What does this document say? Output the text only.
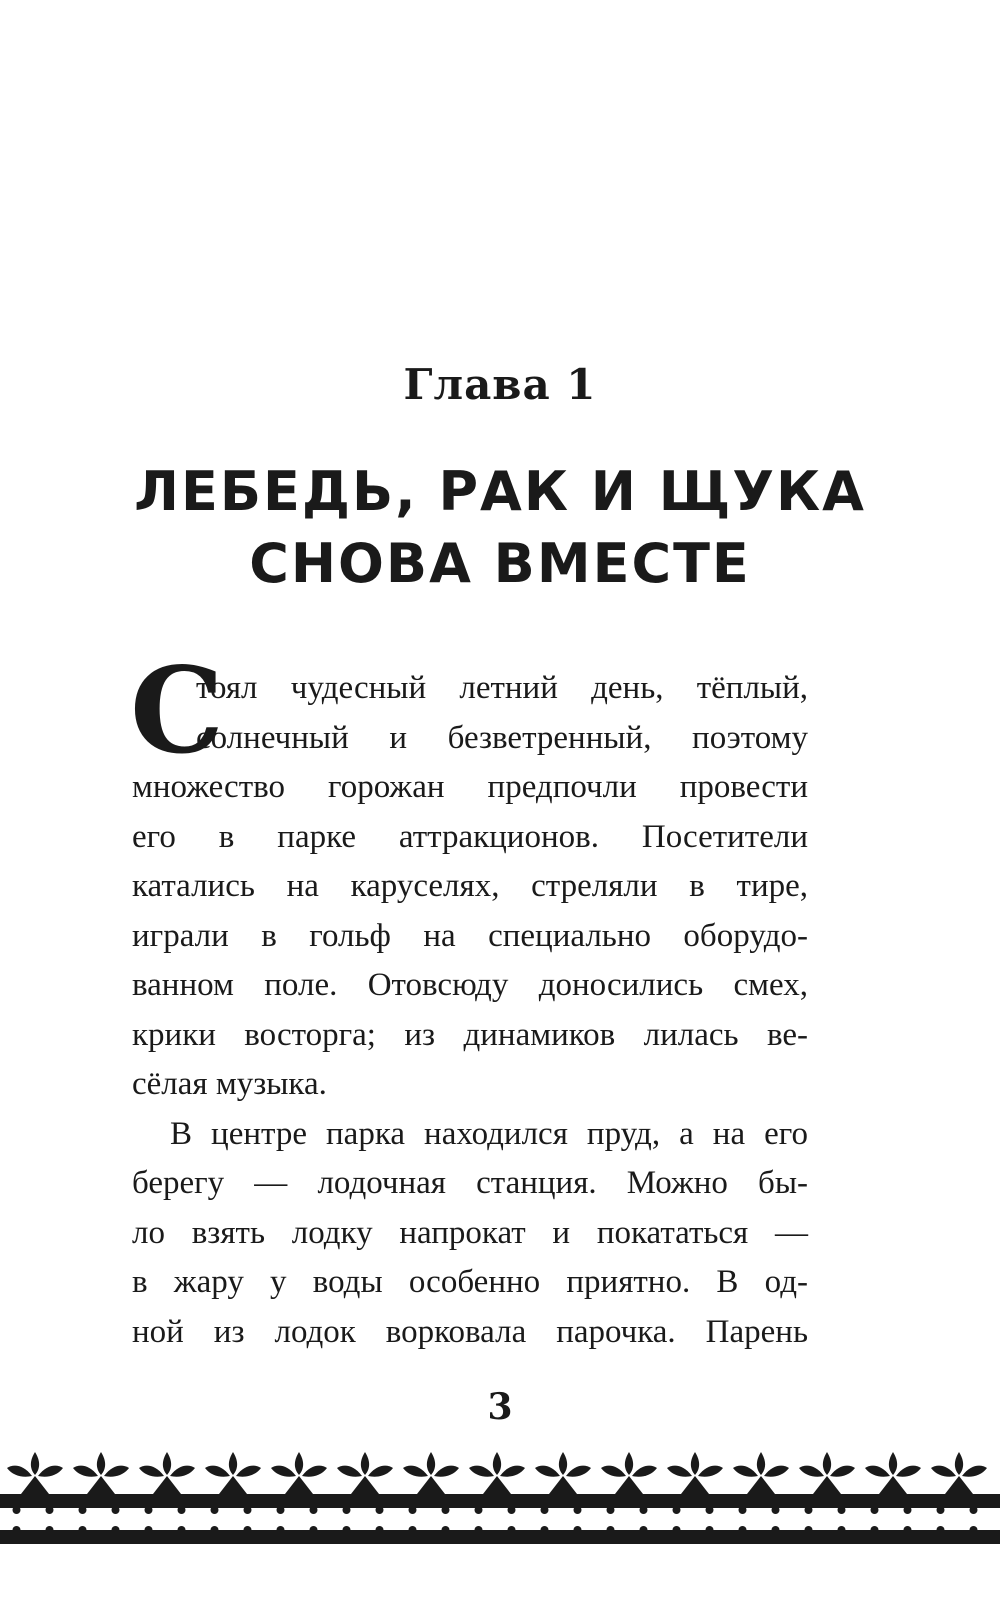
Глава 1
ЛЕБЕДЬ, РАК И ЩУКА
СНОВА ВМЕСТЕ
С
тоял чудесный летний день, тёплый,
солнечный и безветренный, поэтому
множество горожан предпочли провести
его в парке аттракционов. Посетители
катались на каруселях, стреляли в тире,
играли в гольф на специально оборудо-
ванном поле. Отовсюду доносились смех,
крики восторга; из динамиков лилась ве-
сёлая музыка.
В центре парка находился пруд, а на его
берегу — лодочная станция. Можно бы-
ло взять лодку напрокат и покататься —
в жару у воды особенно приятно. В од-
ной из лодок ворковала парочка. Парень
3
